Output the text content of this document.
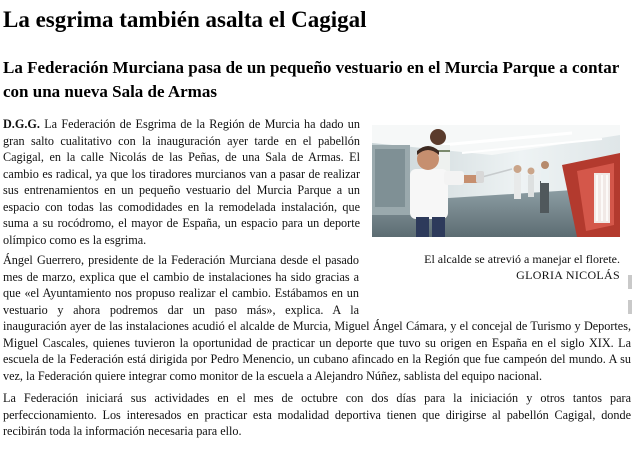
La esgrima también asalta el Cagigal
La Federación Murciana pasa de un pequeño vestuario en el Murcia Parque a contar con una nueva Sala de Armas

D.G.G. La Federación de Esgrima de la Región de Murcia ha dado un gran salto cualitativo con la inauguración ayer tarde en el pabellón Cagigal, en la calle Nicolás de las Peñas, de una Sala de Armas. El cambio es radical, ya que los tiradores murcianos van a pasar de realizar sus entrenamientos en un pequeño vestuario del Murcia Parque a un espacio con todas las comodidades en la remodelada instalación, que suma a su rocódromo, el mayor de España, un espacio para un deporte olímpico como es la esgrima.

El alcalde se atrevió a manejar el florete.
GLORIA NICOLÁS

Ángel Guerrero, presidente de la Federación Murciana desde el pasado mes de marzo, explica que el cambio de instalaciones ha sido gracias a que «el Ayuntamiento nos propuso realizar el cambio. Estábamos en un vestuario y ahora podremos dar un paso más», explica. A la inauguración ayer de las instalaciones acudió el alcalde de Murcia, Miguel Ángel Cámara, y el concejal de Turismo y Deportes, Miguel Cascales, quienes tuvieron la oportunidad de practicar un deporte que tuvo su origen en España en el siglo XIX. La escuela de la Federación está dirigida por Pedro Menencio, un cubano afincado en la Región que fue campeón del mundo. A su vez, la Federación quiere integrar como monitor de la escuela a Alejandro Núñez, sablista del equipo nacional.

La Federación iniciará sus actividades en el mes de octubre con dos días para la iniciación y otros tantos para perfeccionamiento. Los interesados en practicar esta modalidad deportiva tienen que dirigirse al pabellón Cagigal, donde recibirán toda la información necesaria para ello.
